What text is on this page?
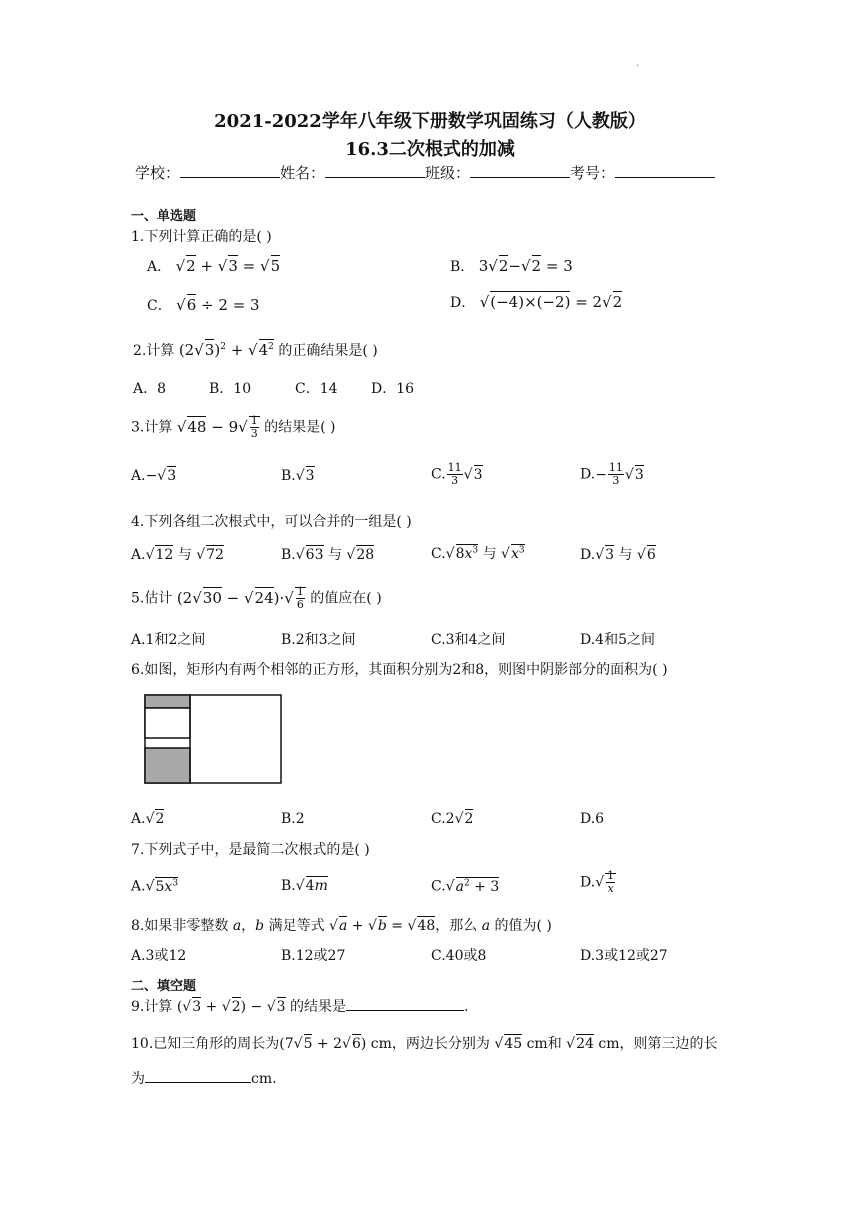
.
2021-2022学年八年级下册数学巩固练习（人教版）
16.3二次根式的加减
学校：	姓名：	班级：	考号：
一、单选题
1.下列计算正确的是( )
A． √2 + √3 = √5	B． 3√2−√2 = 3
C． √6 ÷ 2 = 3	D． √(−4)×(−2) = 2√2
2.计算 $(2√3)^2 + √4^2$ 的正确结果是( )
A．8	B．10	C．14 D．16
3.计算 $√48 - 9√ \frac{1}{3}$ 的结果是( )
A.−√3	B.√3	C. $\frac{11}{3} √3$	$D.- \frac{11}{3} √3$
4.下列各组二次根式中，可以合并的一组是( )
A.√12 与 √72	B.√63 与 √28	$C.√8x^3$ 与 $√x^3$	D.√3 与 √6
5.估计 $(2√30 - √24)\cdot√ \frac{1}{6}$ 的值应在( )
A.1和2之间	B.2和3之间	C.3和4之间	D.4和5之间
6.如图，矩形内有两个相邻的正方形，其面积分别为2和8，则图中阴影部分的面积为( )
A.√2	B.2	C.2√2	D.6
7.下列式子中，是最简二次根式的是( )
$A.√5x^3$	B.√4m	$C.√a^2 + 3$	$D.√ \frac{1}{x}$
8.如果非零整数 a，b 满足等式 √a + √b = √48，那么 a 的值为( )
A.3或12	B.12或27	C.40或8	D.3或12或27
二、填空题
9.计算 (√3 + √2) − √3 的结果是	.
10.已知三角形的周长为(7√5 + 2√6) cm，两边长分别为 √45 cm和 √24 cm，则第三边的长
为	cm.
